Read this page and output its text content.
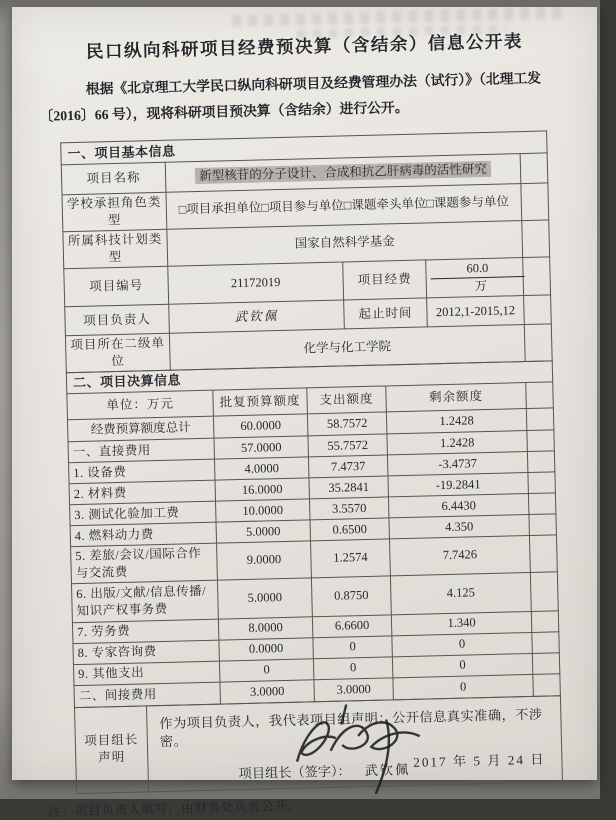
民口纵向科研项目经费预决算（含结余）信息公开表
根据《北京理工大学民口纵向科研项目及经费管理办法（试行）》（北理工发
〔2016〕66 号），现将科研项目预决算（含结余）进行公开。
一、项目基本信息				
项目名称	新型核苷的分子设计、合成和抗乙肝病毒的活性研究			
学校承担角色类型	□项目承担单位□项目参与单位□课题牵头单位□课题参与单位			
所属科技计划类型	国家自然科学基金			
项目编号	21172019	项目经费	60.0万	
项目负责人	武钦佩	起止时间	2012,1-2015,12	
项目所在二级单位	化学与化工学院			
二、项目决算信息				
单位：万元	批复预算额度	支出额度	剩余额度	
经费预算额度总计	60.0000	58.7572	1.2428	
一、直接费用	57.0000	55.7572	1.2428	
1. 设备费	4.0000	7.4737	-3.4737	
2. 材料费	16.0000	35.2841	-19.2841	
3. 测试化验加工费	10.0000	3.5570	6.4430	
4. 燃料动力费	5.0000	0.6500	4.350	
5. 差旅/会议/国际合作与交流费	9.0000	1.2574	7.7426	
6. 出版/文献/信息传播/知识产权事务费	5.0000	0.8750	4.125	
7. 劳务费	8.0000	6.6600	1.340	
8. 专家咨询费	0.0000	0	0	
9. 其他支出	0	0	0	
二、间接费用	3.0000	3.0000	0	
项目组长声明	
作为项目负责人，我代表项目组声明：公开信息真实准确，不涉密。
项目组长（签字）： 武钦佩 2017 年 5 月 24 日
注：项目负责人填写，由财务处负责公开。
